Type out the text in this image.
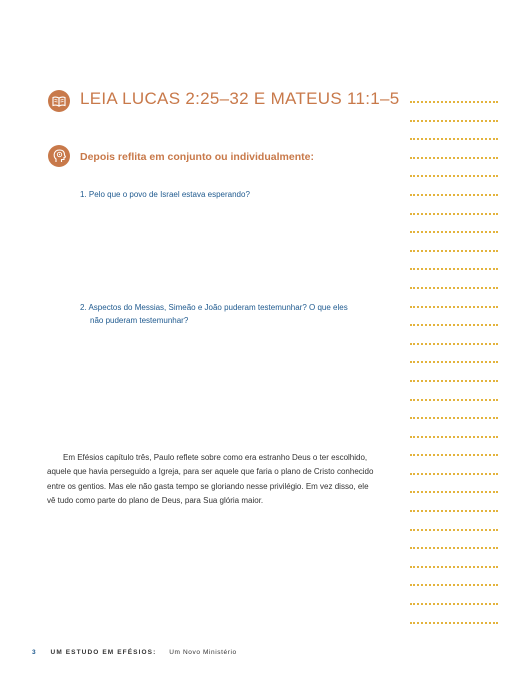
LEIA LUCAS 2:25–32 E MATEUS 11:1–5
Depois reflita em conjunto ou individualmente:
1. Pelo que o povo de Israel estava esperando?
2. Aspectos do Messias, Simeão e João puderam testemunhar? O que eles
não puderam testemunhar?
Em Efésios capítulo três, Paulo reflete sobre como era estranho Deus o ter escolhido, aquele que havia perseguido a Igreja, para ser aquele que faria o plano de Cristo conhecido entre os gentios. Mas ele não gasta tempo se gloriando nesse privilégio. Em vez disso, ele vê tudo como parte do plano de Deus, para Sua glória maior.
3 UM ESTUDO EM EFÉSIOS: Um Novo Ministério
